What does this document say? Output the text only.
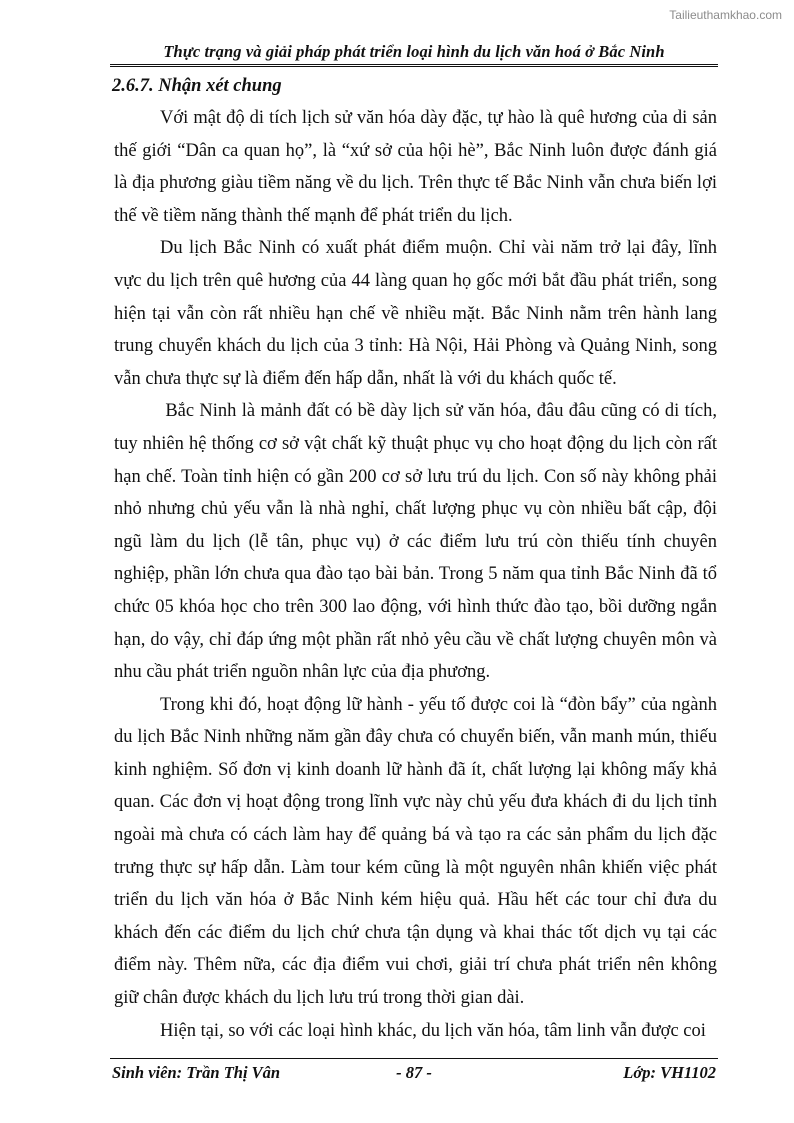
Tailieuthamkhao.com
Thực trạng và giải pháp phát triển loại hình du lịch văn hoá ở Bắc Ninh
2.6.7. Nhận xét chung

Với mật độ di tích lịch sử văn hóa dày đặc, tự hào là quê hương của di sản thế giới “Dân ca quan họ”, là “xứ sở của hội hè”, Bắc Ninh luôn được đánh giá là địa phương giàu tiềm năng về du lịch. Trên thực tế Bắc Ninh vẫn chưa biến lợi thế về tiềm năng thành thế mạnh để phát triển du lịch.

Du lịch Bắc Ninh có xuất phát điểm muộn. Chỉ vài năm trở lại đây, lĩnh vực du lịch trên quê hương của 44 làng quan họ gốc mới bắt đầu phát triển, song hiện tại vẫn còn rất nhiều hạn chế về nhiều mặt. Bắc Ninh nằm trên hành lang trung chuyển khách du lịch của 3 tỉnh: Hà Nội, Hải Phòng và Quảng Ninh, song vẫn chưa thực sự là điểm đến hấp dẫn, nhất là với du khách quốc tế.

Bắc Ninh là mảnh đất có bề dày lịch sử văn hóa, đâu đâu cũng có di tích, tuy nhiên hệ thống cơ sở vật chất kỹ thuật phục vụ cho hoạt động du lịch còn rất hạn chế. Toàn tỉnh hiện có gần 200 cơ sở lưu trú du lịch. Con số này không phải nhỏ nhưng chủ yếu vẫn là nhà nghỉ, chất lượng phục vụ còn nhiều bất cập, đội ngũ làm du lịch (lễ tân, phục vụ) ở các điểm lưu trú còn thiếu tính chuyên nghiệp, phần lớn chưa qua đào tạo bài bản. Trong 5 năm qua tỉnh Bắc Ninh đã tổ chức 05 khóa học cho trên 300 lao động, với hình thức đào tạo, bồi dưỡng ngắn hạn, do vậy, chỉ đáp ứng một phần rất nhỏ yêu cầu về chất lượng chuyên môn và nhu cầu phát triển nguồn nhân lực của địa phương.

Trong khi đó, hoạt động lữ hành - yếu tố được coi là “đòn bẩy” của ngành du lịch Bắc Ninh những năm gần đây chưa có chuyển biến, vẫn manh mún, thiếu kinh nghiệm. Số đơn vị kinh doanh lữ hành đã ít, chất lượng lại không mấy khả quan. Các đơn vị hoạt động trong lĩnh vực này chủ yếu đưa khách đi du lịch tỉnh ngoài mà chưa có cách làm hay để quảng bá và tạo ra các sản phẩm du lịch đặc trưng thực sự hấp dẫn. Làm tour kém cũng là một nguyên nhân khiến việc phát triển du lịch văn hóa ở Bắc Ninh kém hiệu quả. Hầu hết các tour chỉ đưa du khách đến các điểm du lịch chứ chưa tận dụng và khai thác tốt dịch vụ tại các điểm này. Thêm nữa, các địa điểm vui chơi, giải trí chưa phát triển nên không giữ chân được khách du lịch lưu trú trong thời gian dài.

Hiện tại, so với các loại hình khác, du lịch văn hóa, tâm linh vẫn được coi

Sinh viên: Trần Thị Vân	- 87 -	Lớp: VH1102
